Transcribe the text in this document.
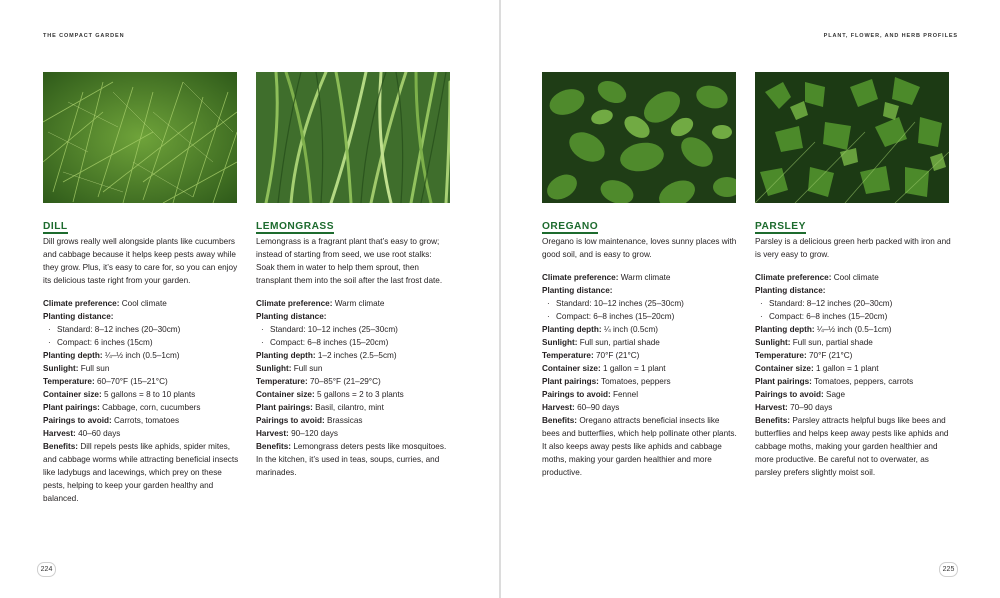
THE COMPACT GARDEN
DILL
Dill grows really well alongside plants like cucumbers and cabbage because it helps keep pests away while they grow. Plus, it’s easy to care for, so you can enjoy its delicious taste right from your garden.
Climate preference: Cool climate
Planting distance:
· Standard: 8–12 inches (20–30cm)
· Compact: 6 inches (15cm)
Planting depth: ¼–½ inch (0.5–1cm)
Sunlight: Full sun
Temperature: 60–70°F (15–21°C)
Container size: 5 gallons = 8 to 10 plants
Plant pairings: Cabbage, corn, cucumbers
Pairings to avoid: Carrots, tomatoes
Harvest: 40–60 days
Benefits: Dill repels pests like aphids, spider mites, and cabbage worms while attracting beneficial insects like ladybugs and lacewings, which prey on these pests, helping to keep your garden healthy and balanced.
LEMONGRASS
Lemongrass is a fragrant plant that’s easy to grow; instead of starting from seed, we use root stalks: Soak them in water to help them sprout, then transplant them into the soil after the last frost date.
Climate preference: Warm climate
Planting distance:
· Standard: 10–12 inches (25–30cm)
· Compact: 6–8 inches (15–20cm)
Planting depth: 1–2 inches (2.5–5cm)
Sunlight: Full sun
Temperature: 70–85°F (21–29°C)
Container size: 5 gallons = 2 to 3 plants
Plant pairings: Basil, cilantro, mint
Pairings to avoid: Brassicas
Harvest: 90–120 days
Benefits: Lemongrass deters pests like mosquitoes. In the kitchen, it’s used in teas, soups, curries, and marinades.
224
PLANT, FLOWER, AND HERB PROFILES
OREGANO
Oregano is low maintenance, loves sunny places with good soil, and is easy to grow.
Climate preference: Warm climate
Planting distance:
· Standard: 10–12 inches (25–30cm)
· Compact: 6–8 inches (15–20cm)
Planting depth: ¼ inch (0.5cm)
Sunlight: Full sun, partial shade
Temperature: 70°F (21°C)
Container size: 1 gallon = 1 plant
Plant pairings: Tomatoes, peppers
Pairings to avoid: Fennel
Harvest: 60–90 days
Benefits: Oregano attracts beneficial insects like bees and butterflies, which help pollinate other plants. It also keeps away pests like aphids and cabbage moths, making your garden healthier and more productive.
PARSLEY
Parsley is a delicious green herb packed with iron and is very easy to grow.
Climate preference: Cool climate
Planting distance:
· Standard: 8–12 inches (20–30cm)
· Compact: 6–8 inches (15–20cm)
Planting depth: ¼–½ inch (0.5–1cm)
Sunlight: Full sun, partial shade
Temperature: 70°F (21°C)
Container size: 1 gallon = 1 plant
Plant pairings: Tomatoes, peppers, carrots
Pairings to avoid: Sage
Harvest: 70–90 days
Benefits: Parsley attracts helpful bugs like bees and butterflies and helps keep away pests like aphids and cabbage moths, making your garden healthier and more productive. Be careful not to overwater, as parsley prefers slightly moist soil.
225
